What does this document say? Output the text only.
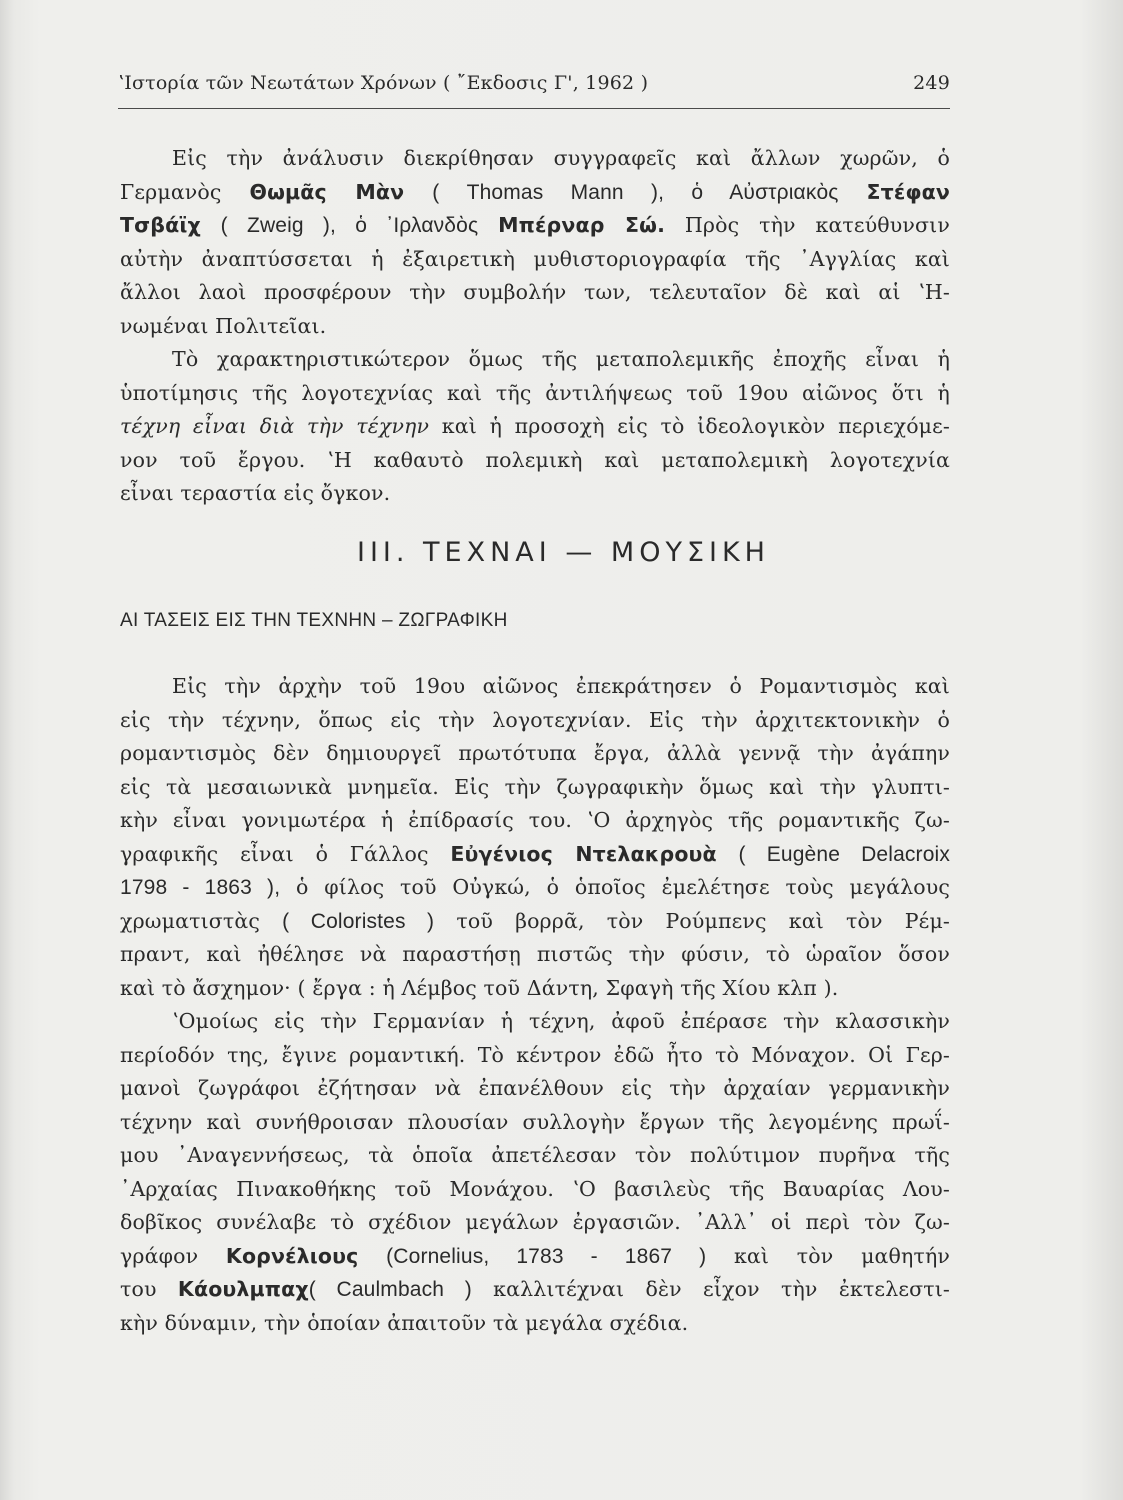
ʽΙστορία τῶν Νεωτάτων Χρόνων ( ῎Εκδοσις Γ', 1962 )	249
Εἰς τὴν ἀνάλυσιν διεκρίθησαν συγγραφεῖς καὶ ἄλλων χωρῶν, ὁ
Γερμανὸς Θωμᾶς Μὰν ( Thomas Mann ), ὁ Αὐστριακὸς Στέφαν
Τσβάϊχ ( Zweig ), ὁ ᾽Ιρλανδὸς Μπέρναρ Σώ. Πρὸς τὴν κατεύθυνσιν
αὐτὴν ἀναπτύσσεται ἡ ἐξαιρετικὴ μυθιστοριογραφία τῆς ᾽Αγγλίας καὶ
ἄλλοι λαοὶ προσφέρουν τὴν συμβολήν των, τελευταῖον δὲ καὶ αἱ ʽΗ-
νωμέναι Πολιτεῖαι.
Τὸ χαρακτηριστικώτερον ὅμως τῆς μεταπολεμικῆς ἐποχῆς εἶναι ἡ
ὑποτίμησις τῆς λογοτεχνίας καὶ τῆς ἀντιλήψεως τοῦ 19ου αἰῶνος ὅτι ἡ
τέχνη εἶναι διὰ τὴν τέχνην καὶ ἡ προσοχὴ εἰς τὸ ἰδεολογικὸν περιεχόμε-
νον τοῦ ἔργου. ʽΗ καθαυτὸ πολεμικὴ καὶ μεταπολεμικὴ λογοτεχνία
εἶναι τεραστία εἰς ὄγκον.
ΙΙΙ. ΤΕΧΝΑΙ — ΜΟΥΣΙΚΗ
ΑΙ ΤΑΣΕΙΣ ΕΙΣ ΤΗΝ ΤΕΧΝΗΝ – ΖΩΓΡΑΦΙΚΗ
Εἰς τὴν ἀρχὴν τοῦ 19ου αἰῶνος ἐπεκράτησεν ὁ Ρομαντισμὸς καὶ
εἰς τὴν τέχνην, ὅπως εἰς τὴν λογοτεχνίαν. Εἰς τὴν ἀρχιτεκτονικὴν ὁ
ρομαντισμὸς δὲν δημιουργεῖ πρωτότυπα ἔργα, ἀλλὰ γεννᾷ τὴν ἀγάπην
εἰς τὰ μεσαιωνικὰ μνημεῖα. Εἰς τὴν ζωγραφικὴν ὅμως καὶ τὴν γλυπτι-
κὴν εἶναι γονιμωτέρα ἡ ἐπίδρασίς του. ʽΟ ἀρχηγὸς τῆς ρομαντικῆς ζω-
γραφικῆς εἶναι ὁ Γάλλος Εὐγένιος Ντελακρουὰ ( Eugène Delacroix
1798 - 1863 ), ὁ φίλος τοῦ Οὐγκώ, ὁ ὁποῖος ἐμελέτησε τοὺς μεγάλους
χρωματιστὰς ( Coloristes ) τοῦ βορρᾶ, τὸν Ρούμπενς καὶ τὸν Ρέμ-
πραντ, καὶ ἠθέλησε νὰ παραστήσῃ πιστῶς τὴν φύσιν, τὸ ὡραῖον ὅσον
καὶ τὸ ἄσχημον· ( ἔργα : ἡ Λέμβος τοῦ Δάντη, Σφαγὴ τῆς Χίου κλπ ).
ʽΟμοίως εἰς τὴν Γερμανίαν ἡ τέχνη, ἀφοῦ ἐπέρασε τὴν κλασσικὴν
περίοδόν της, ἔγινε ρομαντική. Τὸ κέντρον ἐδῶ ἦτο τὸ Μόναχον. Οἱ Γερ-
μανοὶ ζωγράφοι ἐζήτησαν νὰ ἐπανέλθουν εἰς τὴν ἀρχαίαν γερμανικὴν
τέχνην καὶ συνήθροισαν πλουσίαν συλλογὴν ἔργων τῆς λεγομένης πρωΐ-
μου ᾽Αναγεννήσεως, τὰ ὁποῖα ἀπετέλεσαν τὸν πολύτιμον πυρῆνα τῆς
᾽Αρχαίας Πινακοθήκης τοῦ Μονάχου. ʽΟ βασιλεὺς τῆς Βαυαρίας Λου-
δοβῖκος συνέλαβε τὸ σχέδιον μεγάλων ἐργασιῶν. ᾽Αλλ᾽ οἱ περὶ τὸν ζω-
γράφον Κορνέλιους (Cornelius, 1783 - 1867 ) καὶ τὸν μαθητήν
του Κάουλμπαχ( Caulmbach ) καλλιτέχναι δὲν εἶχον τὴν ἐκτελεστι-
κὴν δύναμιν, τὴν ὁποίαν ἀπαιτοῦν τὰ μεγάλα σχέδια.
